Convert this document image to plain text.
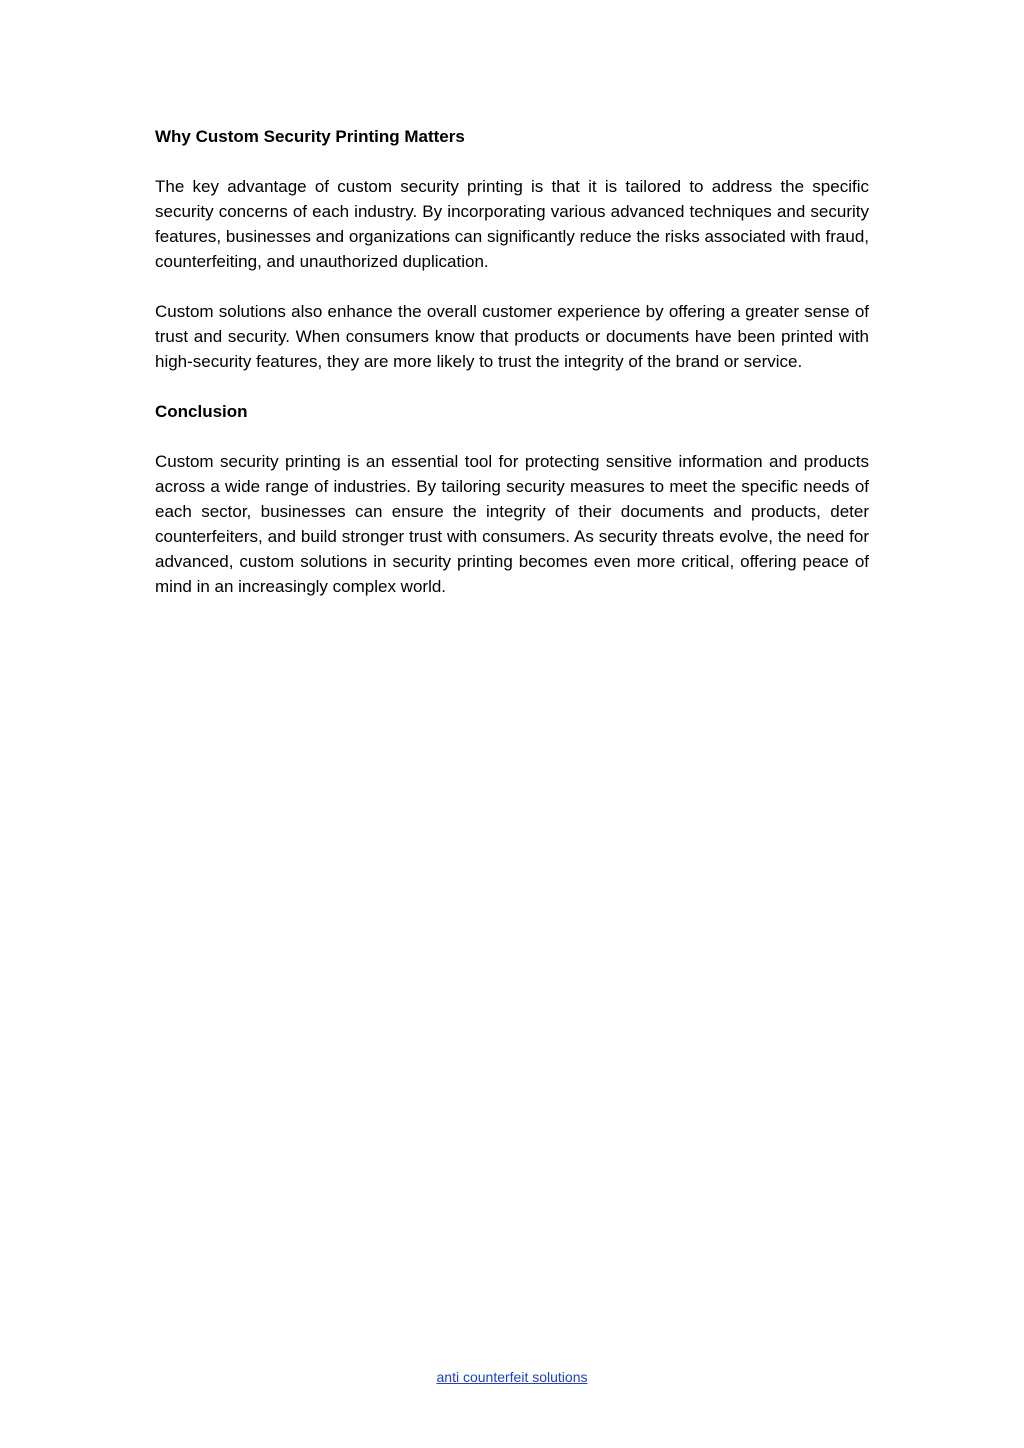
Why Custom Security Printing Matters

The key advantage of custom security printing is that it is tailored to address the specific security concerns of each industry. By incorporating various advanced techniques and security features, businesses and organizations can significantly reduce the risks associated with fraud, counterfeiting, and unauthorized duplication.

Custom solutions also enhance the overall customer experience by offering a greater sense of trust and security. When consumers know that products or documents have been printed with high-security features, they are more likely to trust the integrity of the brand or service.

Conclusion

Custom security printing is an essential tool for protecting sensitive information and products across a wide range of industries. By tailoring security measures to meet the specific needs of each sector, businesses can ensure the integrity of their documents and products, deter counterfeiters, and build stronger trust with consumers. As security threats evolve, the need for advanced, custom solutions in security printing becomes even more critical, offering peace of mind in an increasingly complex world.

anti counterfeit solutions
